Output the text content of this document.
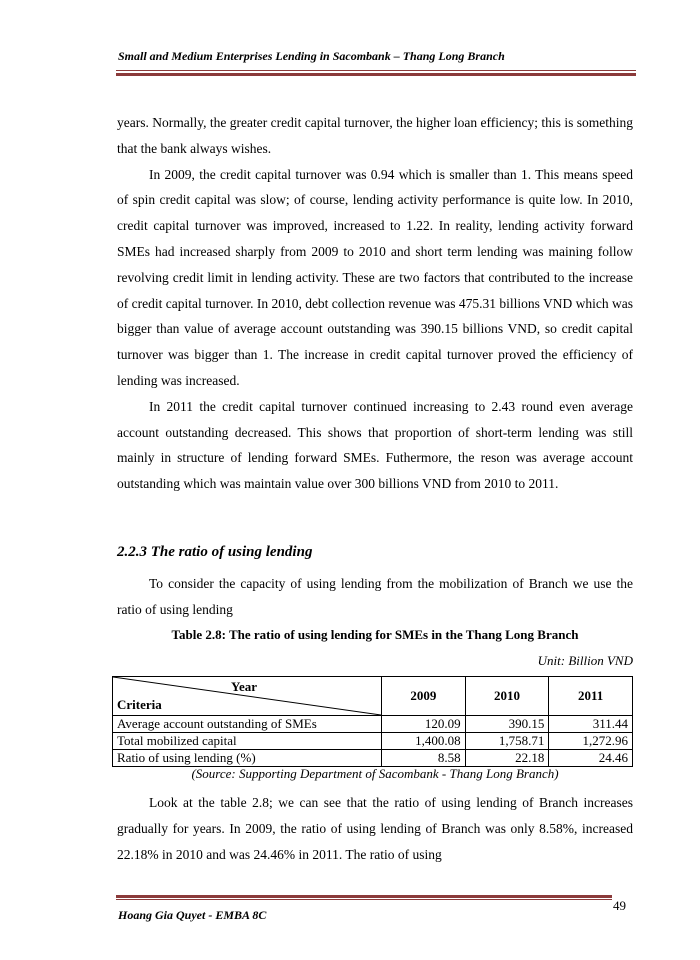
Small and Medium Enterprises Lending in Sacombank – Thang Long Branch

years. Normally, the greater credit capital turnover, the higher loan efficiency; this is something that the bank always wishes.

In 2009, the credit capital turnover was 0.94 which is smaller than 1. This means speed of spin credit capital was slow; of course, lending activity performance is quite low. In 2010, credit capital turnover was improved, increased to 1.22. In reality, lending activity forward SMEs had increased sharply from 2009 to 2010 and short term lending was maining follow revolving credit limit in lending activity. These are two factors that contributed to the increase of credit capital turnover. In 2010, debt collection revenue was 475.31 billions VND which was bigger than value of average account outstanding was 390.15 billions VND, so credit capital turnover was bigger than 1. The increase in credit capital turnover proved the efficiency of lending was increased.

In 2011 the credit capital turnover continued increasing to 2.43 round even average account outstanding decreased. This shows that proportion of short-term lending was still mainly in structure of lending forward SMEs. Futhermore, the reson was average account outstanding which was maintain value over 300 billions VND from 2010 to 2011.

2.2.3 The ratio of using lending

To consider the capacity of using lending from the mobilization of Branch we use the ratio of using lending

Table 2.8: The ratio of using lending for SMEs in the Thang Long Branch
Unit: Billion VND
Year
Criteria	2009	2010	2011
Average account outstanding of SMEs	120.09	390.15	311.44
Total mobilized capital	1,400.08	1,758.71	1,272.96
Ratio of using lending (%)	8.58	22.18	24.46
(Source: Supporting Department of Sacombank - Thang Long Branch)

Look at the table 2.8; we can see that the ratio of using lending of Branch increases gradually for years. In 2009, the ratio of using lending of Branch was only 8.58%, increased 22.18% in 2010 and was 24.46% in 2011. The ratio of using

49
Hoang Gia Quyet - EMBA 8C
